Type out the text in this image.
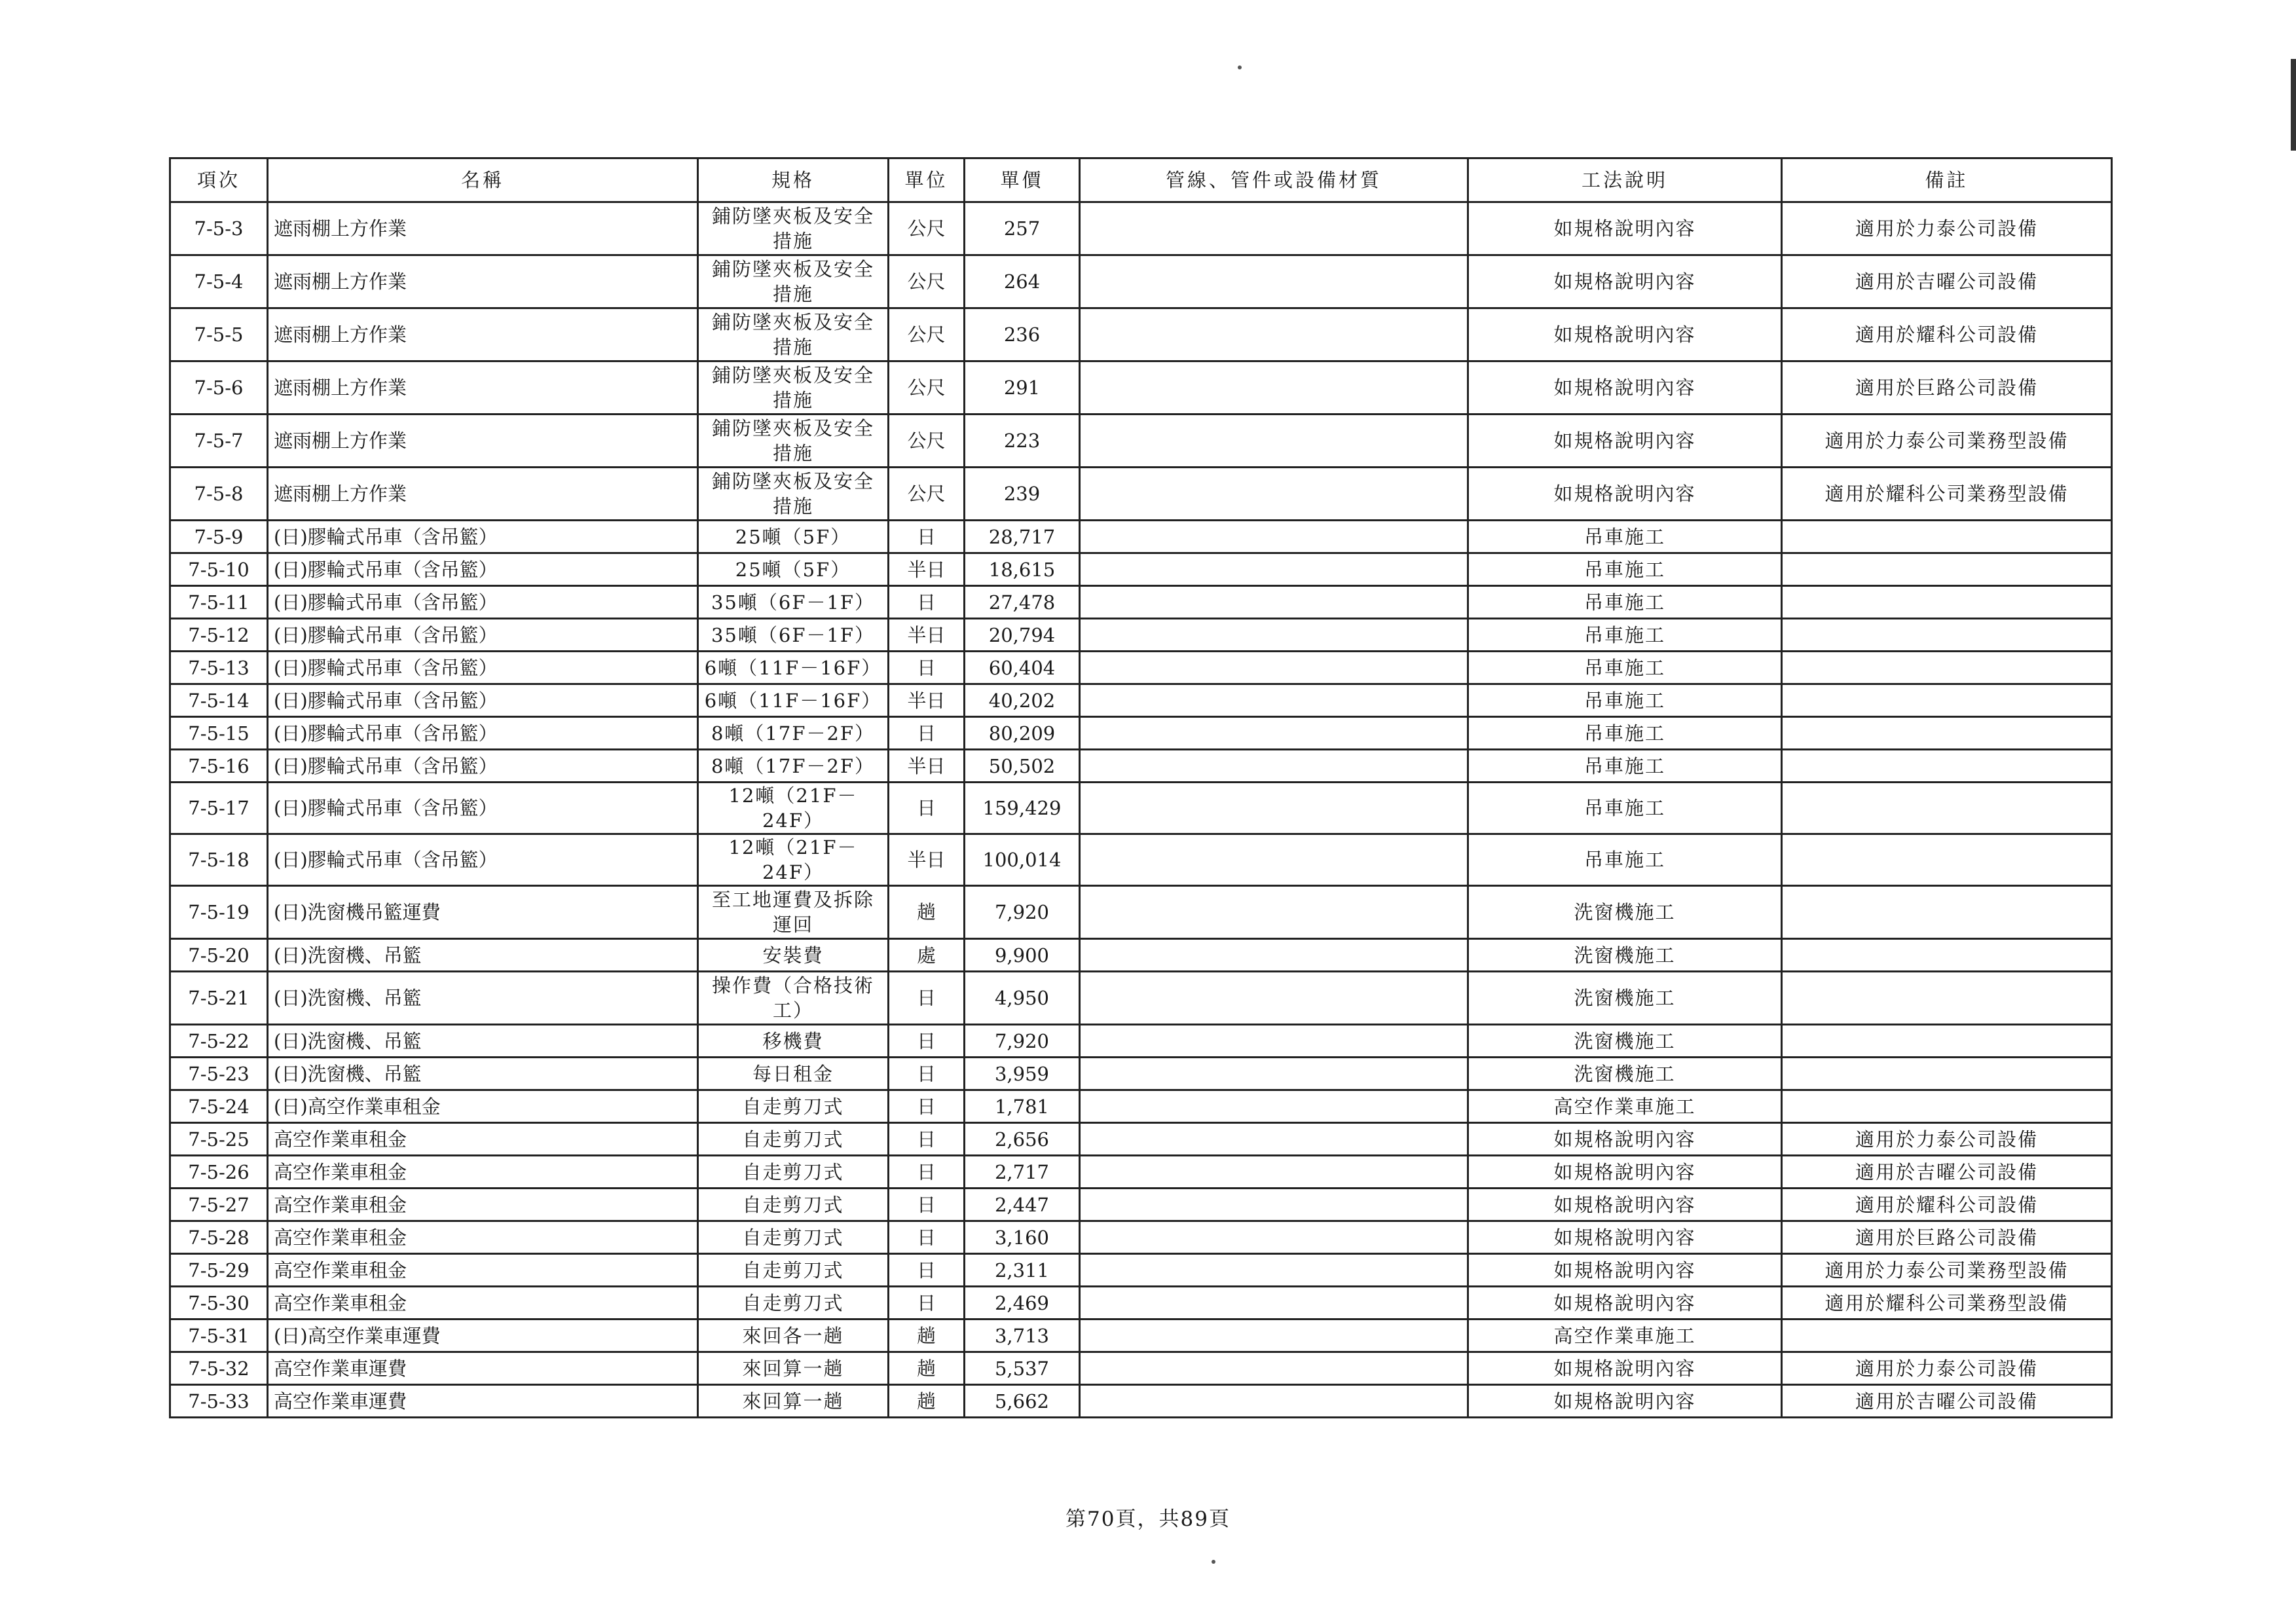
項次	名稱	規格	單位	單價	管線、管件或設備材質	工法說明	備註
7-5-3	遮雨棚上方作業	鋪防墜夾板及安全措施	公尺	257		如規格說明內容	適用於力泰公司設備
7-5-4	遮雨棚上方作業	鋪防墜夾板及安全措施	公尺	264		如規格說明內容	適用於吉曜公司設備
7-5-5	遮雨棚上方作業	鋪防墜夾板及安全措施	公尺	236		如規格說明內容	適用於耀科公司設備
7-5-6	遮雨棚上方作業	鋪防墜夾板及安全措施	公尺	291		如規格說明內容	適用於巨路公司設備
7-5-7	遮雨棚上方作業	鋪防墜夾板及安全措施	公尺	223		如規格說明內容	適用於力泰公司業務型設備
7-5-8	遮雨棚上方作業	鋪防墜夾板及安全措施	公尺	239		如規格說明內容	適用於耀科公司業務型設備
7-5-9	(日)膠輪式吊車（含吊籃）	25噸（5F）	日	28,717		吊車施工	
7-5-10	(日)膠輪式吊車（含吊籃）	25噸（5F）	半日	18,615		吊車施工	
7-5-11	(日)膠輪式吊車（含吊籃）	35噸（6F－1F）	日	27,478		吊車施工	
7-5-12	(日)膠輪式吊車（含吊籃）	35噸（6F－1F）	半日	20,794		吊車施工	
7-5-13	(日)膠輪式吊車（含吊籃）	6噸（11F－16F）	日	60,404		吊車施工	
7-5-14	(日)膠輪式吊車（含吊籃）	6噸（11F－16F）	半日	40,202		吊車施工	
7-5-15	(日)膠輪式吊車（含吊籃）	8噸（17F－2F）	日	80,209		吊車施工	
7-5-16	(日)膠輪式吊車（含吊籃）	8噸（17F－2F）	半日	50,502		吊車施工	
7-5-17	(日)膠輪式吊車（含吊籃）	12噸（21F－24F）	日	159,429		吊車施工	
7-5-18	(日)膠輪式吊車（含吊籃）	12噸（21F－24F）	半日	100,014		吊車施工	
7-5-19	(日)洗窗機吊籃運費	至工地運費及拆除運回	趟	7,920		洗窗機施工	
7-5-20	(日)洗窗機、吊籃	安裝費	處	9,900		洗窗機施工	
7-5-21	(日)洗窗機、吊籃	操作費（合格技術工）	日	4,950		洗窗機施工	
7-5-22	(日)洗窗機、吊籃	移機費	日	7,920		洗窗機施工	
7-5-23	(日)洗窗機、吊籃	每日租金	日	3,959		洗窗機施工	
7-5-24	(日)高空作業車租金	自走剪刀式	日	1,781		高空作業車施工	
7-5-25	高空作業車租金	自走剪刀式	日	2,656		如規格說明內容	適用於力泰公司設備
7-5-26	高空作業車租金	自走剪刀式	日	2,717		如規格說明內容	適用於吉曜公司設備
7-5-27	高空作業車租金	自走剪刀式	日	2,447		如規格說明內容	適用於耀科公司設備
7-5-28	高空作業車租金	自走剪刀式	日	3,160		如規格說明內容	適用於巨路公司設備
7-5-29	高空作業車租金	自走剪刀式	日	2,311		如規格說明內容	適用於力泰公司業務型設備
7-5-30	高空作業車租金	自走剪刀式	日	2,469		如規格說明內容	適用於耀科公司業務型設備
7-5-31	(日)高空作業車運費	來回各一趟	趟	3,713		高空作業車施工	
7-5-32	高空作業車運費	來回算一趟	趟	5,537		如規格說明內容	適用於力泰公司設備
7-5-33	高空作業車運費	來回算一趟	趟	5,662		如規格說明內容	適用於吉曜公司設備
第70頁，共89頁
